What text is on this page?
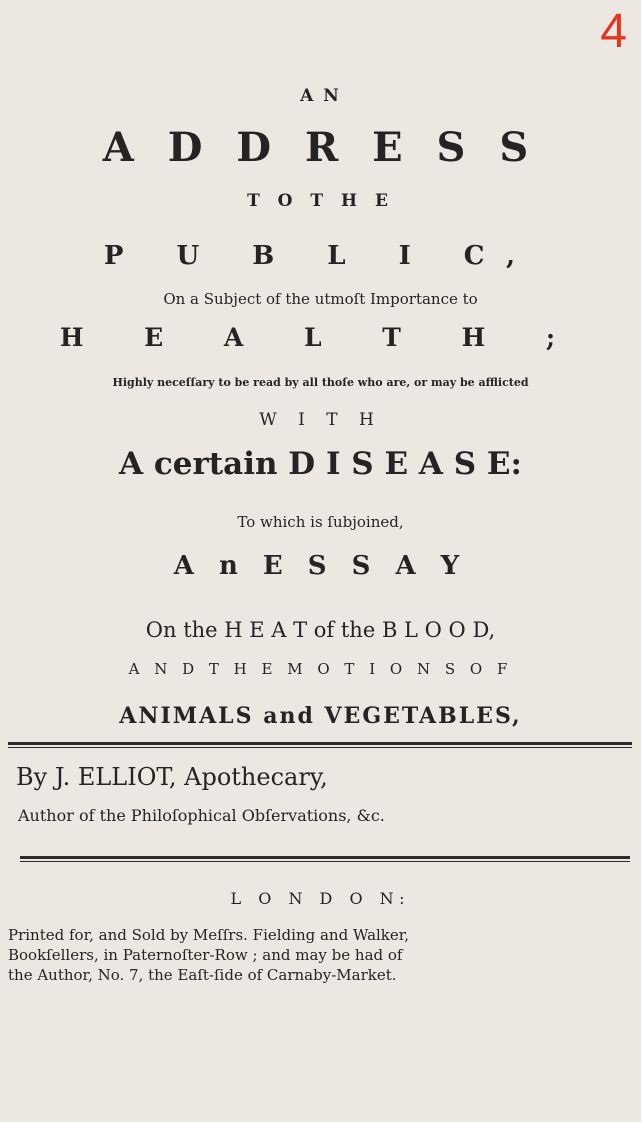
4
A N
A D D R E S S
T O T H E
P U B L I C,
On a Subject of the utmoſt Importance to
H E A L T H ;
Highly neceſſary to be read by all thoſe who are, or may be afflicted
W I T H
A certain D I S E A S E:
To which is ſubjoined,
A n E S S A Y
On the H E A T of the B L O O D,
A N D T H E M O T I O N S O F
ANIMALS and VEGETABLES,
By J. ELLIOT, Apothecary,
Author of the Philoſophical Obſervations, &c.
L O N D O N:
Printed for, and Sold by Meſſrs. Fielding and Walker,
Bookſellers, in Paternoſter-Row ; and may be had of
the Author, No. 7, the Eaſt-ſide of Carnaby-Market.
